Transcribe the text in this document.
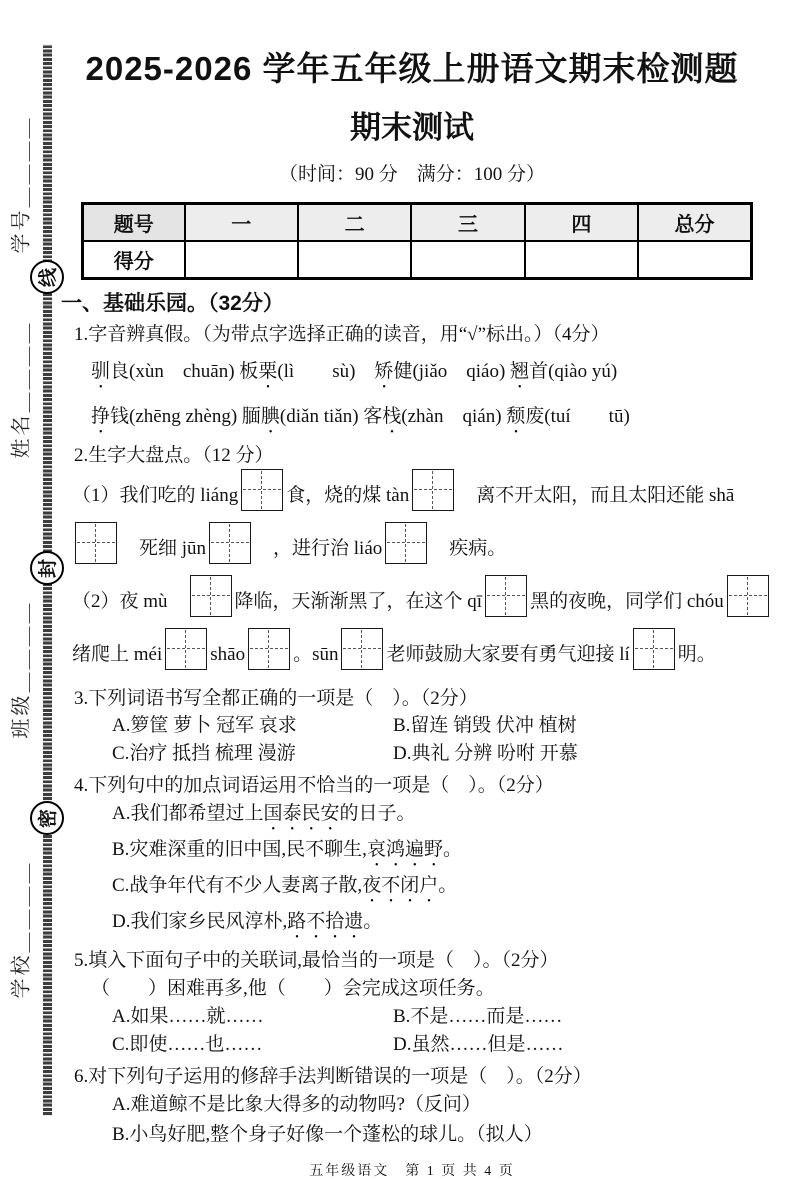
学号＿＿＿＿
姓名＿＿＿＿
班级＿＿＿＿
学校＿＿＿＿
线
封
密
2025-2026 学年五年级上册语文期末检测题
期末测试
（时间：90 分　满分：100 分）
题号	一	二	三	四	总分
得分					
一、基础乐园。（32分）
1.字音辨真假。（为带点字选择正确的读音，用“√”标出。）（4分）
驯良(xùn　chuān) 板栗(lì　　sù)　矫健(jiǎo　qiáo) 翘首(qiào yú)
挣钱(zhēng zhèng) 腼腆(diǎn tiǎn) 客栈(zhàn　qián) 颓废(tuí　　tū)
2.生字大盘点。（12 分）
（1）我们吃的 liáng	食，烧的煤 tàn	　离不开太阳，而且太阳还能 shā
　死细 jūn	　，进行治 liáo	　疾病。
（2）夜 mù　	降临，天渐渐黑了，在这个 qī	黑的夜晚，同学们 chóu
绪爬上 méi	shāo	。sūn	老师鼓励大家要有勇气迎接 lí	明。
3.下列词语书写全都正确的一项是（　）。（2分）
A.箩筐 萝卜 冠军 哀求	B.留连 销毁 伏冲 植树
C.治疗 抵挡 梳理 漫游	D.典礼 分辨 吩咐 开慕
4.下列句中的加点词语运用不恰当的一项是（　）。（2分）
A.我们都希望过上国泰民安的日子。
B.灾难深重的旧中国,民不聊生,哀鸿遍野。
C.战争年代有不少人妻离子散,夜不闭户。
D.我们家乡民风淳朴,路不拾遗。
5.填入下面句子中的关联词,最恰当的一项是（　）。（2分）
（　　）困难再多,他（　　）会完成这项任务。
A.如果……就……	B.不是……而是……
C.即使……也……	D.虽然……但是……
6.对下列句子运用的修辞手法判断错误的一项是（　）。（2分）
A.难道鲸不是比象大得多的动物吗?（反问）
B.小鸟好肥,整个身子好像一个蓬松的球儿。（拟人）
五年级语文　第 1 页 共 4 页
